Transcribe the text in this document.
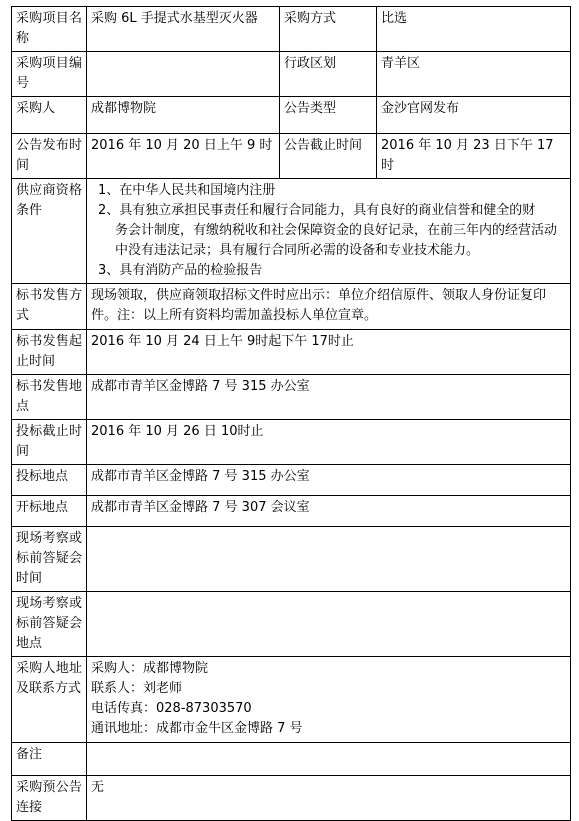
采购项目名称	采购 6L 手提式水基型灭火器	采购方式	比选
采购项目编号		行政区划	青羊区
采购人	成都博物院	公告类型	金沙官网发布
公告发布时间	2016 年 10 月 20 日上午 9 时	公告截止时间	2016 年 10 月 23 日下午 17 时
供应商资格条件	1、在中华人民共和国境内注册
2、具有独立承担民事责任和履行合同能力，具有良好的商业信誉和健全的财
务会计制度，有缴纳税收和社会保障资金的良好记录，在前三年内的经营活动中没有违法记录；具有履行合同所必需的设备和专业技术能力。
3、具有消防产品的检验报告		

标书发售方式	现场领取，供应商领取招标文件时应出示：单位介绍信原件、领取人身份证复印件。注：以上所有资料均需加盖投标人单位宣章。		
标书发售起止时间	2016 年 10 月 24 日上午 9时起下午 17时止		
标书发售地点	成都市青羊区金博路 7 号 315 办公室		
投标截止时间	2016 年 10 月 26 日 10时止		
投标地点	成都市青羊区金博路 7 号 315 办公室		
开标地点	成都市青羊区金博路 7 号 307 会议室		
现场考察或标前答疑会时间			
现场考察或标前答疑会地点			
采购人地址及联系方式	采购人：成都博物院
联系人：刘老师
电话传真：028-87303570
通讯地址：成都市金牛区金博路 7 号		

备注			
采购预公告连接	无		
